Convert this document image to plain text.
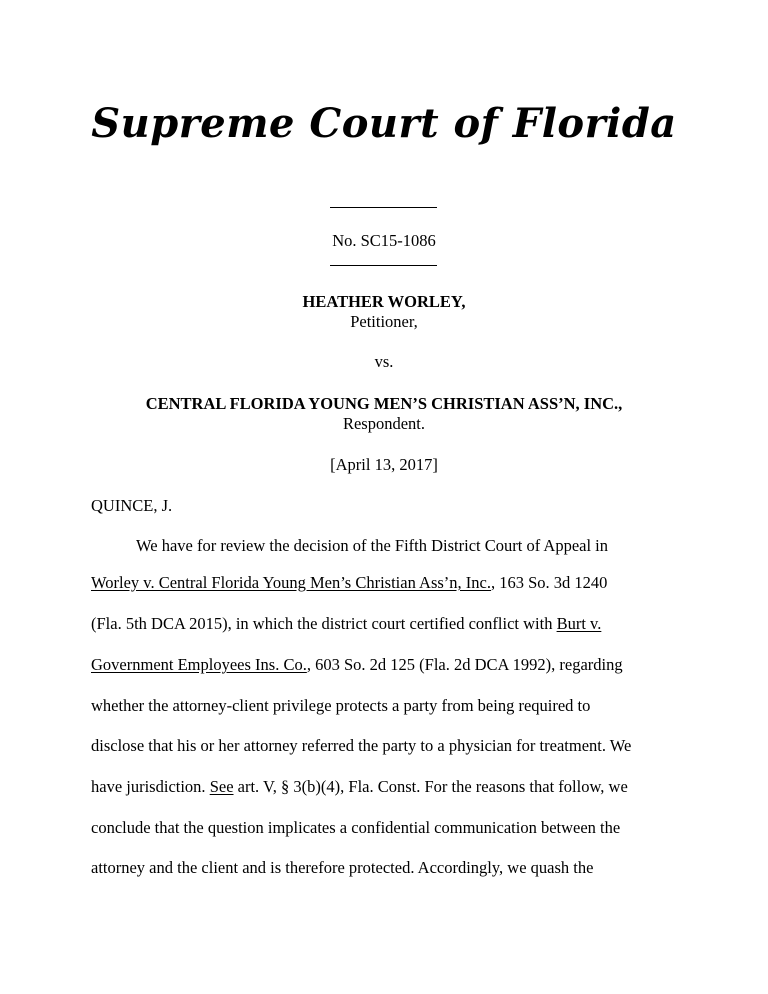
Supreme Court of Florida
No. SC15-1086
HEATHER WORLEY,
Petitioner,
vs.
CENTRAL FLORIDA YOUNG MEN’S CHRISTIAN ASS’N, INC.,
Respondent.
[April 13, 2017]
QUINCE, J.
We have for review the decision of the Fifth District Court of Appeal in
Worley v. Central Florida Young Men’s Christian Ass’n, Inc., 163 So. 3d 1240
(Fla. 5th DCA 2015), in which the district court certified conflict with Burt v.
Government Employees Ins. Co., 603 So. 2d 125 (Fla. 2d DCA 1992), regarding
whether the attorney-client privilege protects a party from being required to
disclose that his or her attorney referred the party to a physician for treatment. We
have jurisdiction. See art. V, § 3(b)(4), Fla. Const. For the reasons that follow, we
conclude that the question implicates a confidential communication between the
attorney and the client and is therefore protected. Accordingly, we quash the
